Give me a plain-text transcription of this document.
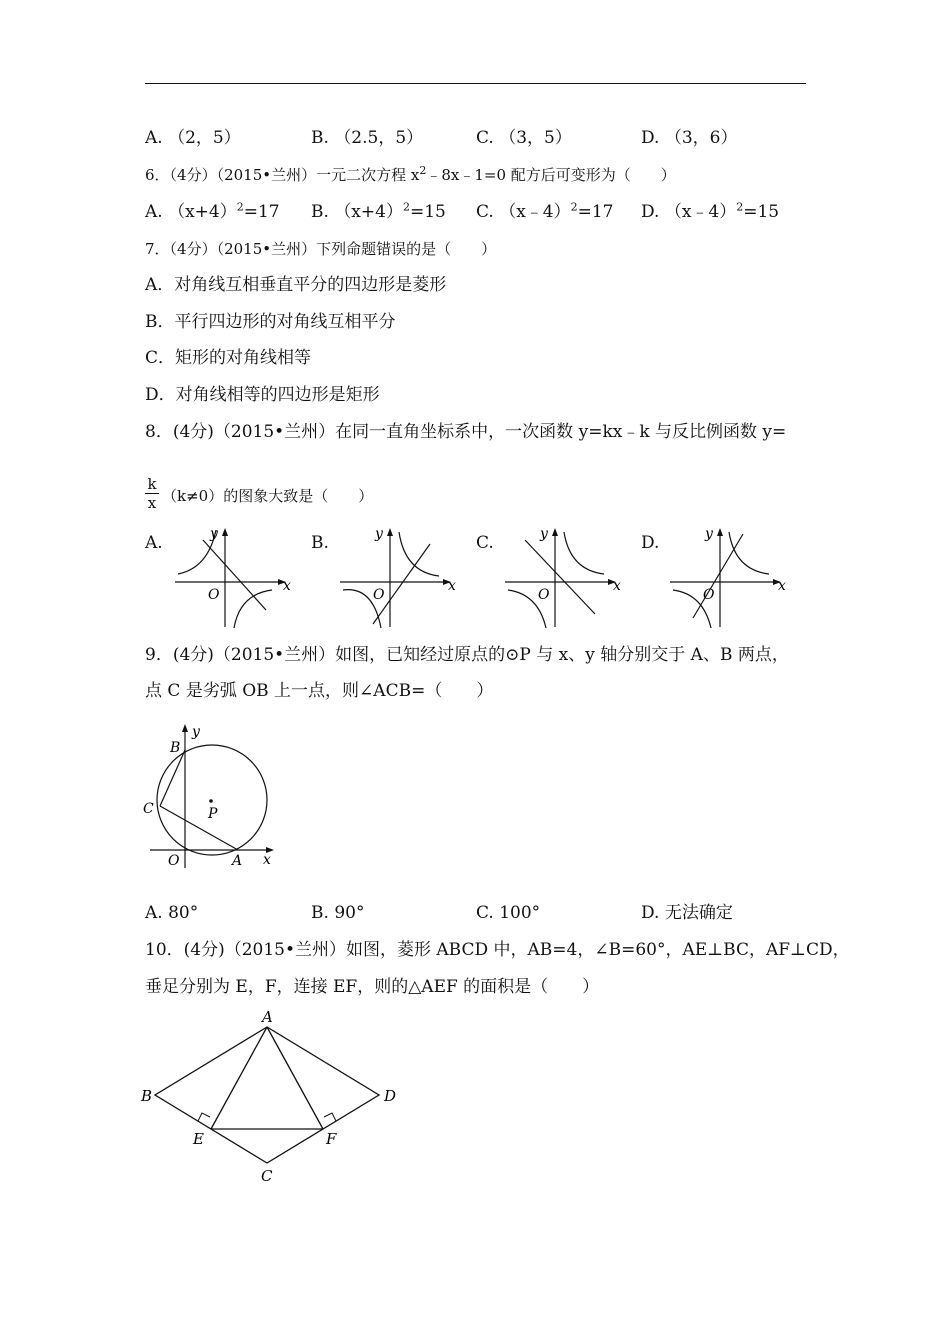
A. （2，5）	B. （2.5，5）	C. （3，5）	D. （3，6）
6．（4分）（2015•兰州）一元二次方程 $x^2﹣8x﹣1=0$ 配方后可变形为（　　）
A. $(x+4)^2=17$ B. $(x+4)^2=15$ C. （x﹣4）$^2$=17 D. （x﹣4）$^2$=15
7．（4分）（2015•兰州）下列命题错误的是（　　）
A．对角线互相垂直平分的四边形是菱形
B．平行四边形的对角线互相平分
C．矩形的对角线相等
D．对角线相等的四边形是矩形
8．(4分)（2015•兰州）在同一直角坐标系中，一次函数 y=kx﹣k 与反比例函数 y=
$\frac{k}{x} (k\ne 0)$的图象大致是（　　）
A.	B.	C.	D.
x
y
O
x
y
O
x
y
O
x
y
O
9．(4分)（2015•兰州）如图，已知经过原点的⊙P 与 x、y 轴分别交于 A、B 两点，
点 C 是劣弧 OB 上一点，则∠ACB=（　　）
y
B
C	P
O	A x
A. 80°	B. 90°	C. 100°	D. 无法确定
10．(4分)（2015•兰州）如图，菱形 ABCD 中，AB=4，∠B=60°，AE⊥BC，AF⊥CD，
垂足分别为 E，F，连接 EF，则的△AEF 的面积是（　　）
A
B
C
D
E	F
